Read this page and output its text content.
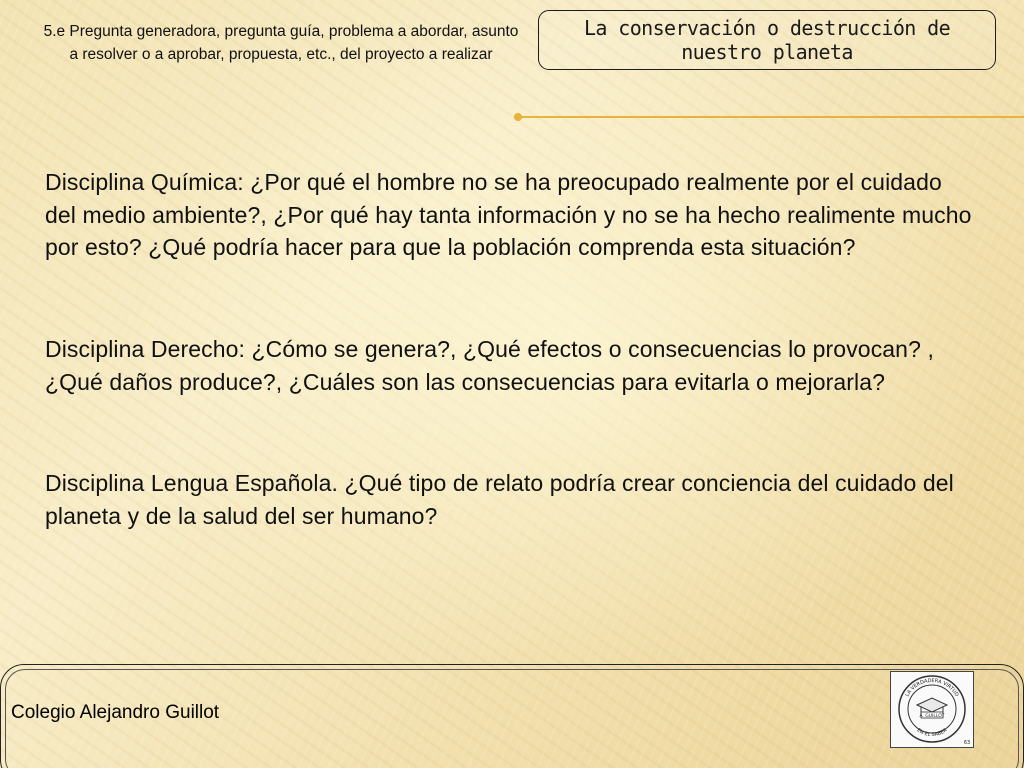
5.e Pregunta generadora, pregunta guía, problema a abordar, asunto a resolver o a aprobar, propuesta, etc., del proyecto a realizar
La conservación o destrucción de nuestro planeta
Disciplina Química: ¿Por qué el hombre no se ha preocupado realmente por el cuidado del medio ambiente?, ¿Por qué hay tanta información y no se ha hecho realimente mucho por esto? ¿Qué podría hacer para que la población comprenda esta situación?
Disciplina Derecho: ¿Cómo se genera?, ¿Qué efectos o consecuencias lo provocan? , ¿Qué daños produce?, ¿Cuáles son las consecuencias para evitarla o mejorarla?
Disciplina Lengua Española. ¿Qué tipo de relato podría crear conciencia del cuidado del planeta y de la salud del ser humano?
Colegio Alejandro Guillot	A. GUILLOT
LA VERDADERA VIRTUD
EN EL SABER
63
